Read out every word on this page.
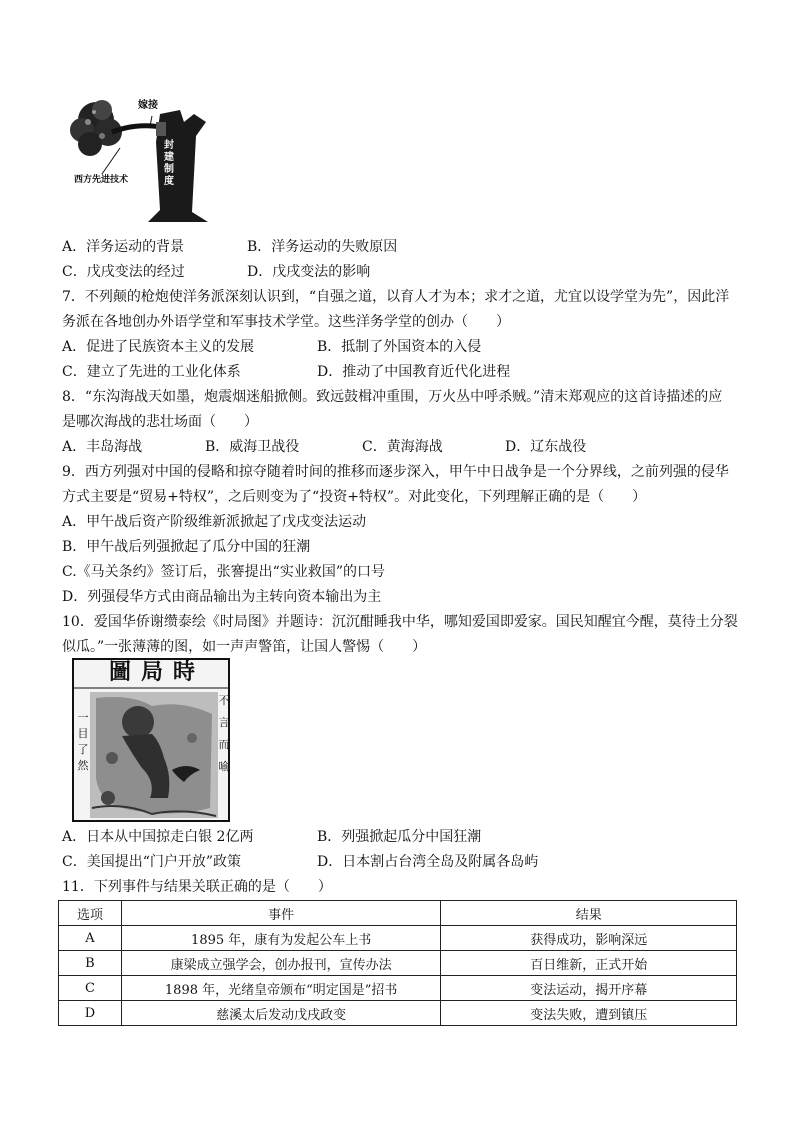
嫁接
西方先进技术
封建制度
A．洋务运动的背景	B．洋务运动的失败原因
C．戊戌变法的经过	D．戊戌变法的影响
7．不列颠的枪炮使洋务派深刻认识到，“自强之道，以育人才为本；求才之道，尤宜以设学堂为先”，因此洋
务派在各地创办外语学堂和军事技术学堂。这些洋务学堂的创办（　　）
A．促进了民族资本主义的发展	B．抵制了外国资本的入侵
C．建立了先进的工业化体系	D．推动了中国教育近代化进程
8．“东沟海战天如墨，炮震烟迷船掀侧。致远鼓楫冲重围，万火丛中呼杀贼。”清末郑观应的这首诗描述的应
是哪次海战的悲壮场面（　　）
A．丰岛海战	B．威海卫战役	C．黄海海战	D．辽东战役
9．西方列强对中国的侵略和掠夺随着时间的推移而逐步深入，甲午中日战争是一个分界线，之前列强的侵华
方式主要是“贸易+特权”，之后则变为了“投资+特权”。对此变化，下列理解正确的是（　　）
A．甲午战后资产阶级维新派掀起了戊戌变法运动
B．甲午战后列强掀起了瓜分中国的狂潮
C.《马关条约》签订后，张謇提出“实业救国”的口号
D．列强侵华方式由商品输出为主转向资本输出为主
10．爱国华侨谢缵泰绘《时局图》并题诗：沉沉酣睡我中华，哪知爱国即爱家。国民知醒宜今醒，莫待土分裂
似瓜。”一张薄薄的图，如一声声警笛，让国人警惕（　　）
圖局時
不言而喻
一目了然
A．日本从中国掠走白银 2亿两	B．列强掀起瓜分中国狂潮
C．美国提出“门户开放”政策	D．日本割占台湾全岛及附属各岛屿
11．下列事件与结果关联正确的是（　　）
选项	事件	结果
A	1895 年，康有为发起公车上书	获得成功，影响深远
B	康梁成立强学会，创办报刊，宣传办法	百日维新，正式开始
C	1898 年，光绪皇帝颁布“明定国是”招书	变法运动，揭开序幕
D	慈溪太后发动戊戌政变	变法失败，遭到镇压
